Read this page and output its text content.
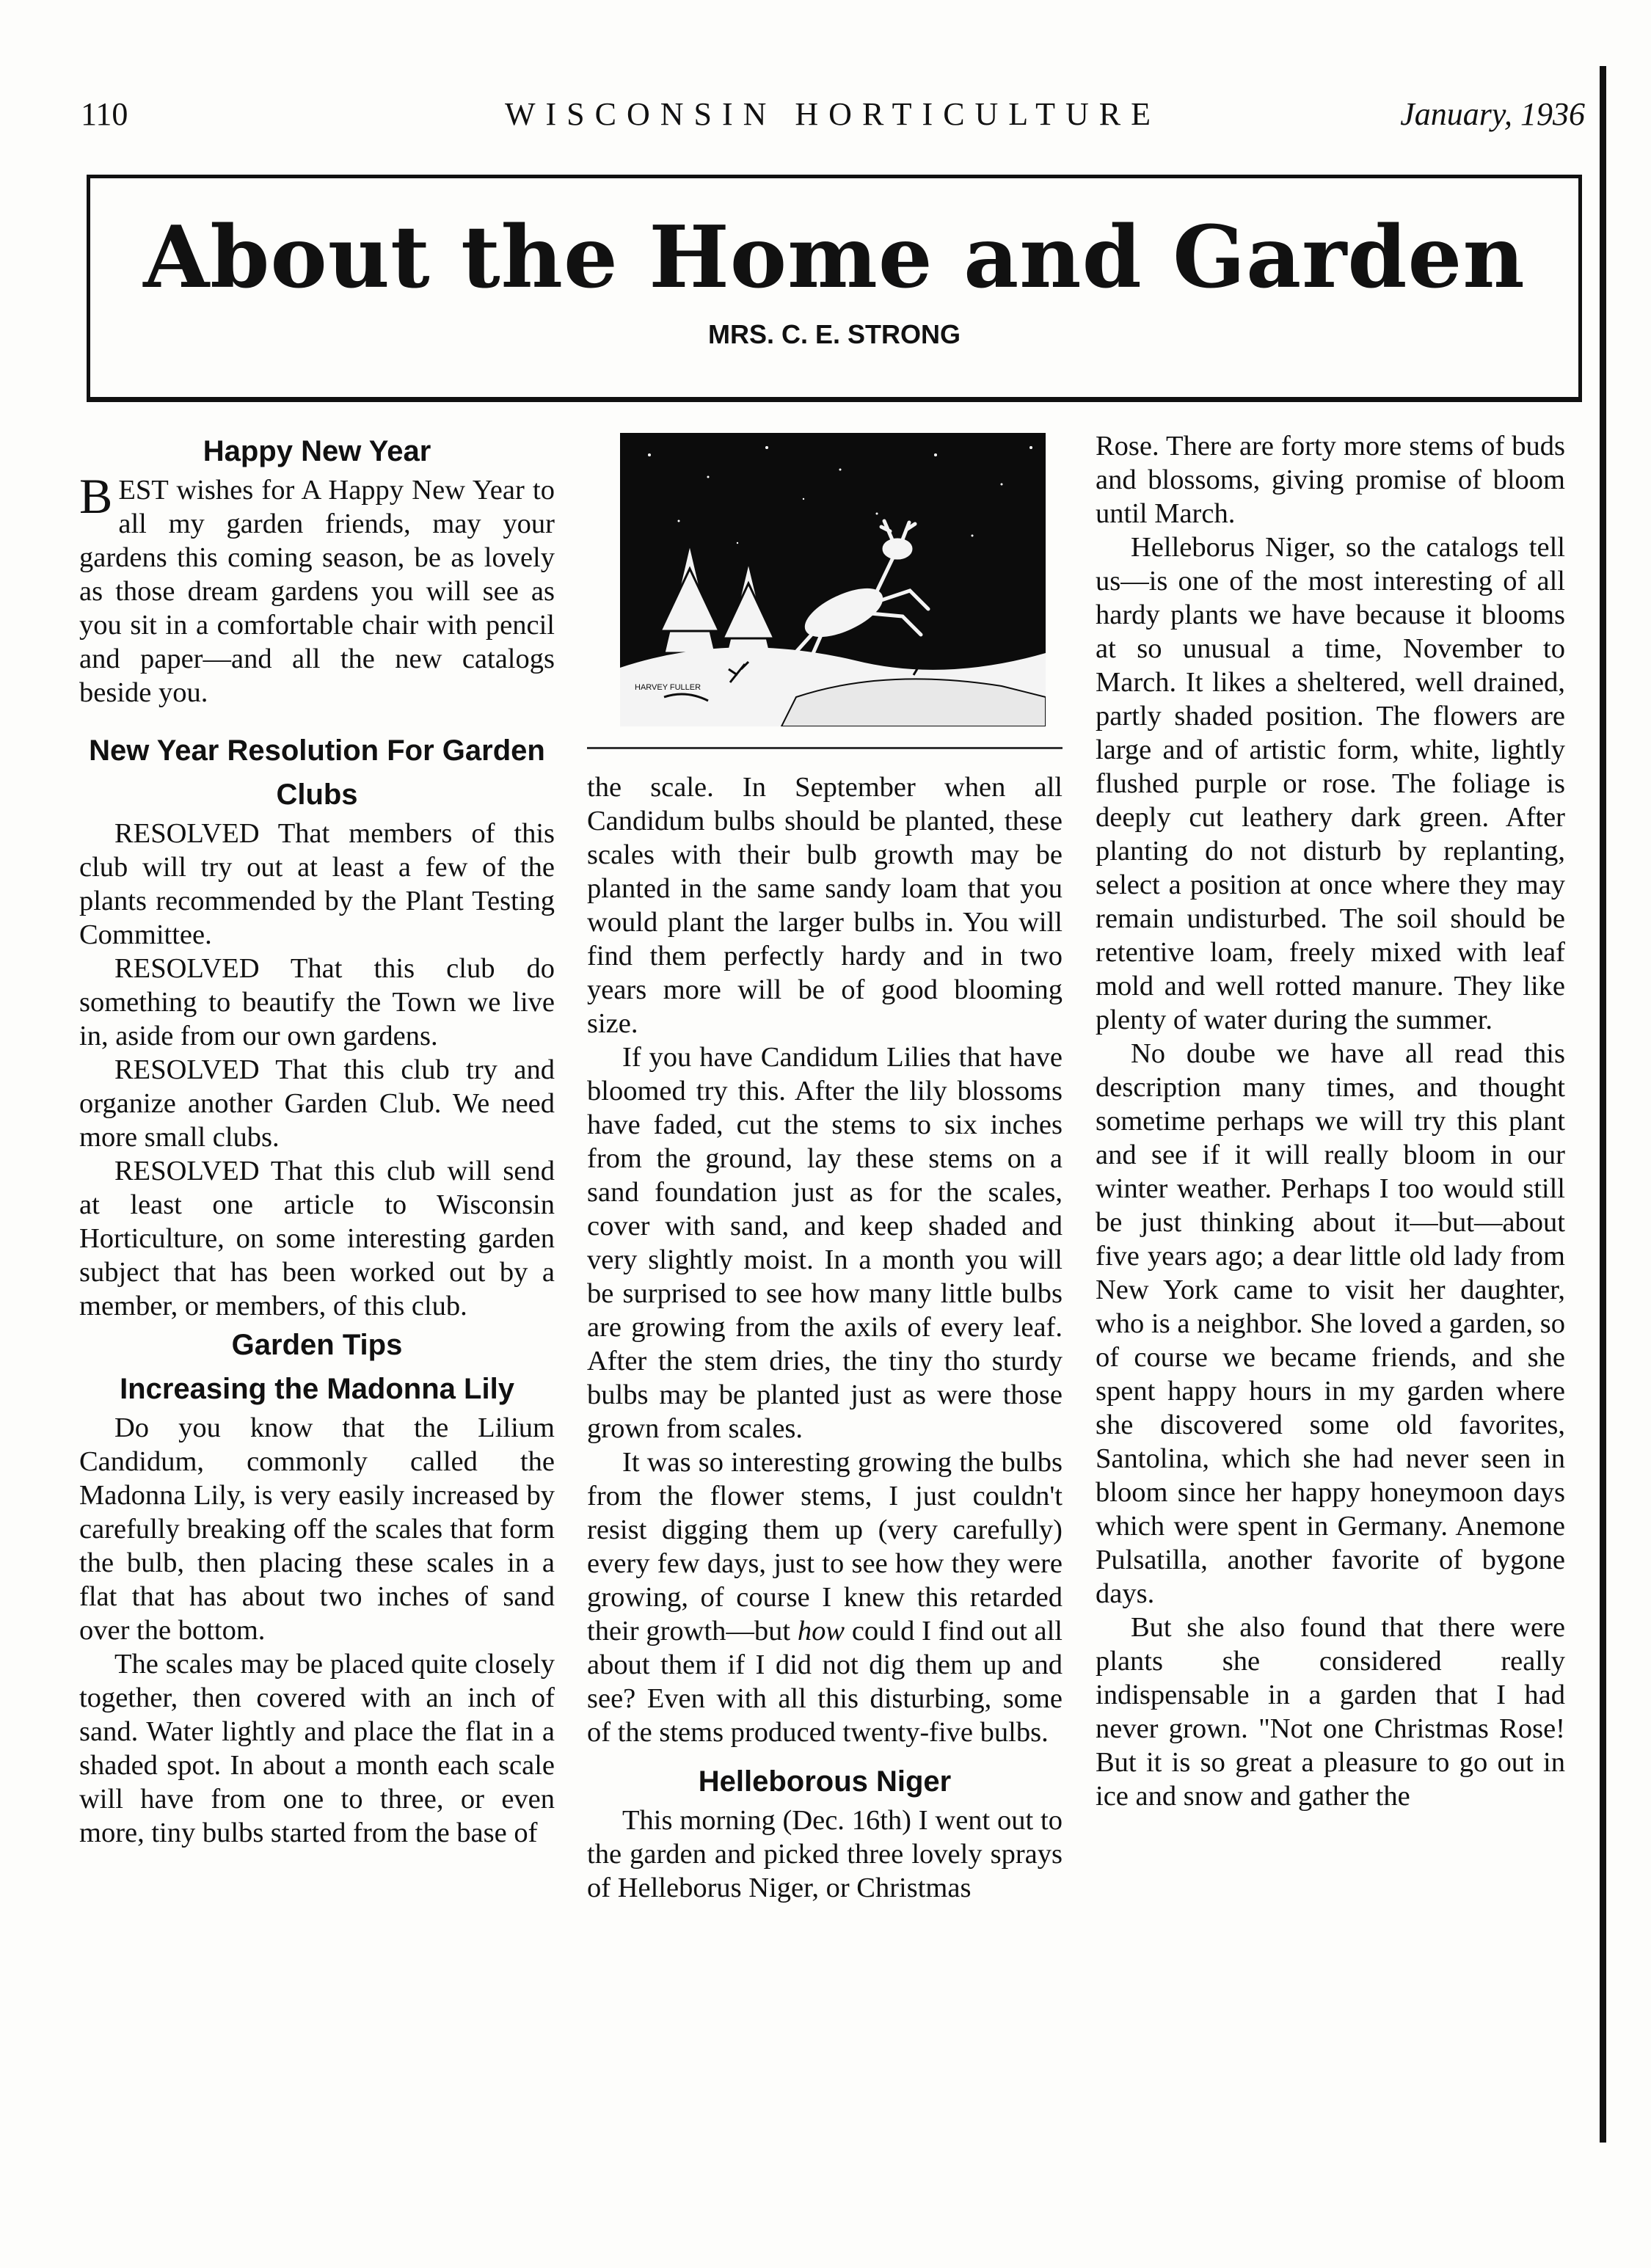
110	WISCONSIN HORTICULTURE	January, 1936
About the Home and Garden
MRS. C. E. STRONG
Happy New Year

BEST wishes for A Happy New Year to all my garden friends, may your gardens this coming season, be as lovely as those dream gardens you will see as you sit in a comfortable chair with pencil and paper—and all the new catalogs beside you.

New Year Resolution For Garden Clubs

RESOLVED That members of this club will try out at least a few of the plants recommended by the Plant Testing Committee.

RESOLVED That this club do something to beautify the Town we live in, aside from our own gardens.

RESOLVED That this club try and organize another Garden Club. We need more small clubs.

RESOLVED That this club will send at least one article to Wisconsin Horticulture, on some interesting garden subject that has been worked out by a member, or members, of this club.

Garden Tips
Increasing the Madonna Lily

Do you know that the Lilium Candidum, commonly called the Madonna Lily, is very easily increased by carefully breaking off the scales that form the bulb, then placing these scales in a flat that has about two inches of sand over the bottom.

The scales may be placed quite closely together, then covered with an inch of sand. Water lightly and place the flat in a shaded spot. In about a month each scale will have from one to three, or even more, tiny bulbs started from the base of

HARVEY FULLER

the scale. In September when all Candidum bulbs should be planted, these scales with their bulb growth may be planted in the same sandy loam that you would plant the larger bulbs in. You will find them perfectly hardy and in two years more will be of good blooming size.

If you have Candidum Lilies that have bloomed try this. After the lily blossoms have faded, cut the stems to six inches from the ground, lay these stems on a sand foundation just as for the scales, cover with sand, and keep shaded and very slightly moist. In a month you will be surprised to see how many little bulbs are growing from the axils of every leaf. After the stem dries, the tiny tho sturdy bulbs may be planted just as were those grown from scales.

It was so interesting growing the bulbs from the flower stems, I just couldn't resist digging them up (very carefully) every few days, just to see how they were growing, of course I knew this retarded their growth—but how could I find out all about them if I did not dig them up and see? Even with all this disturbing, some of the stems produced twenty-five bulbs.

Helleborous Niger

This morning (Dec. 16th) I went out to the garden and picked three lovely sprays of Helleborus Niger, or Christmas

Rose. There are forty more stems of buds and blossoms, giving promise of bloom until March.

Helleborus Niger, so the catalogs tell us—is one of the most interesting of all hardy plants we have because it blooms at so unusual a time, November to March. It likes a sheltered, well drained, partly shaded position. The flowers are large and of artistic form, white, lightly flushed purple or rose. The foliage is deeply cut leathery dark green. After planting do not disturb by replanting, select a position at once where they may remain undisturbed. The soil should be retentive loam, freely mixed with leaf mold and well rotted manure. They like plenty of water during the summer.

No doube we have all read this description many times, and thought sometime perhaps we will try this plant and see if it will really bloom in our winter weather. Perhaps I too would still be just thinking about it—but—about five years ago; a dear little old lady from New York came to visit her daughter, who is a neighbor. She loved a garden, so of course we became friends, and she spent happy hours in my garden where she discovered some old favorites, Santolina, which she had never seen in bloom since her happy honeymoon days which were spent in Germany. Anemone Pulsatilla, another favorite of bygone days.

But she also found that there were plants she considered really indispensable in a garden that I had never grown. "Not one Christmas Rose! But it is so great a pleasure to go out in ice and snow and gather the
